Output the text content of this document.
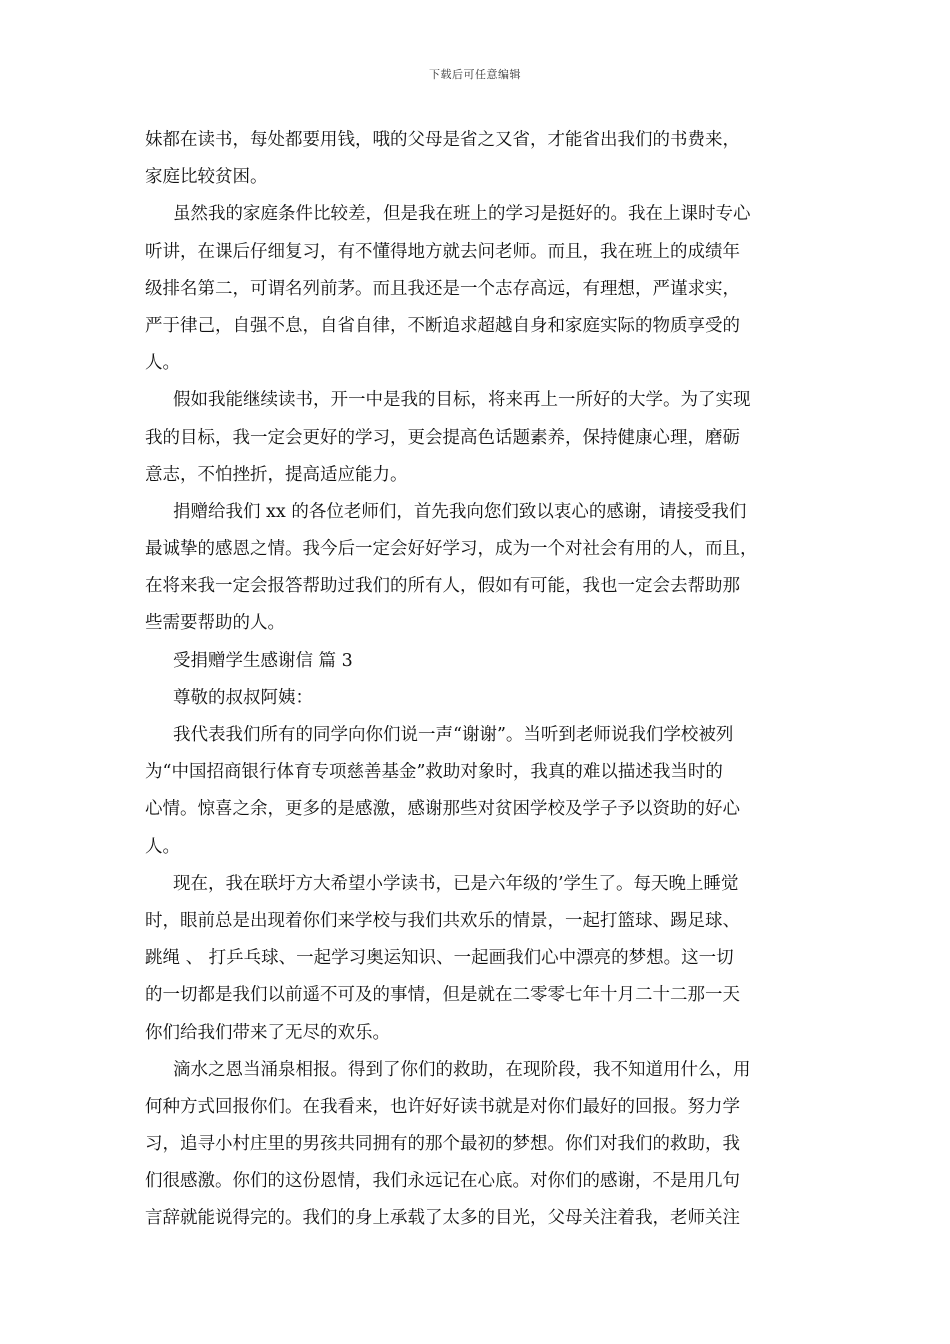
下载后可任意编辑
妹都在读书，每处都要用钱，哦的父母是省之又省，才能省出我们的书费来，
家庭比较贫困。
虽然我的家庭条件比较差，但是我在班上的学习是挺好的。我在上课时专心
听讲，在课后仔细复习，有不懂得地方就去问老师。而且，我在班上的成绩年
级排名第二，可谓名列前茅。而且我还是一个志存高远，有理想，严谨求实，
严于律己，自强不息，自省自律，不断追求超越自身和家庭实际的物质享受的
人。
假如我能继续读书，开一中是我的目标，将来再上一所好的大学。为了实现
我的目标，我一定会更好的学习，更会提高色话题素养，保持健康心理，磨砺
意志，不怕挫折，提高适应能力。
捐赠给我们 xx 的各位老师们，首先我向您们致以衷心的感谢，请接受我们
最诚挚的感恩之情。我今后一定会好好学习，成为一个对社会有用的人，而且，
在将来我一定会报答帮助过我们的所有人，假如有可能，我也一定会去帮助那
些需要帮助的人。
受捐赠学生感谢信 篇 3
尊敬的叔叔阿姨：
我代表我们所有的同学向你们说一声“谢谢”。当听到老师说我们学校被列
为“中国招商银行体育专项慈善基金”救助对象时，我真的难以描述我当时的
心情。惊喜之余，更多的是感激，感谢那些对贫困学校及学子予以资助的好心
人。
现在，我在联圩方大希望小学读书，已是六年级的’学生了。每天晚上睡觉
时，眼前总是出现着你们来学校与我们共欢乐的情景，一起打篮球、踢足球、
跳绳 、 打乒乓球、一起学习奥运知识、一起画我们心中漂亮的梦想。这一切
的一切都是我们以前遥不可及的事情，但是就在二零零七年十月二十二那一天
你们给我们带来了无尽的欢乐。
滴水之恩当涌泉相报。得到了你们的救助，在现阶段，我不知道用什么，用
何种方式回报你们。在我看来，也许好好读书就是对你们最好的回报。努力学
习，追寻小村庄里的男孩共同拥有的那个最初的梦想。你们对我们的救助，我
们很感激。你们的这份恩情，我们永远记在心底。对你们的感谢，不是用几句
言辞就能说得完的。我们的身上承载了太多的目光，父母关注着我，老师关注
